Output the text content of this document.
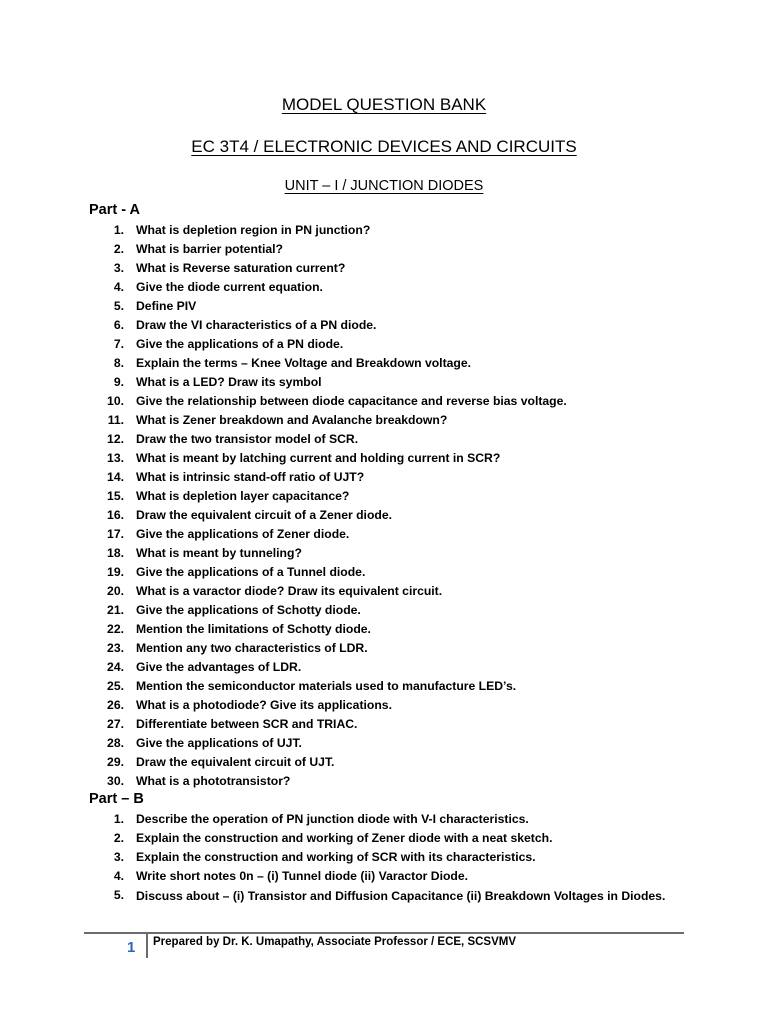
MODEL QUESTION BANK
EC 3T4 / ELECTRONIC DEVICES AND CIRCUITS
UNIT – I / JUNCTION DIODES
Part - A
1. What is depletion region in PN junction?
2. What is barrier potential?
3. What is Reverse saturation current?
4. Give the diode current equation.
5. Define PIV
6. Draw the VI characteristics of a PN diode.
7. Give the applications of a PN diode.
8. Explain the terms – Knee Voltage and Breakdown voltage.
9. What is a LED? Draw its symbol
10. Give the relationship between diode capacitance and reverse bias voltage.
11. What is Zener breakdown and Avalanche breakdown?
12. Draw the two transistor model of SCR.
13. What is meant by latching current and holding current in SCR?
14. What is intrinsic stand-off ratio of UJT?
15. What is depletion layer capacitance?
16. Draw the equivalent circuit of a Zener diode.
17. Give the applications of Zener diode.
18. What is meant by tunneling?
19. Give the applications of a Tunnel diode.
20. What is a varactor diode? Draw its equivalent circuit.
21. Give the applications of Schotty diode.
22. Mention the limitations of Schotty diode.
23. Mention any two characteristics of LDR.
24. Give the advantages of LDR.
25. Mention the semiconductor materials used to manufacture LED’s.
26. What is a photodiode? Give its applications.
27. Differentiate between SCR and TRIAC.
28. Give the applications of UJT.
29. Draw the equivalent circuit of UJT.
30. What is a phototransistor?
Part – B
1. Describe the operation of PN junction diode with V-I characteristics.
2. Explain the construction and working of Zener diode with a neat sketch.
3. Explain the construction and working of SCR with its characteristics.
4. Write short notes 0n – (i) Tunnel diode (ii) Varactor Diode.
5. Discuss about – (i) Transistor and Diffusion Capacitance (ii) Breakdown Voltages in Diodes.
1 Prepared by Dr. K. Umapathy, Associate Professor / ECE, SCSVMV
